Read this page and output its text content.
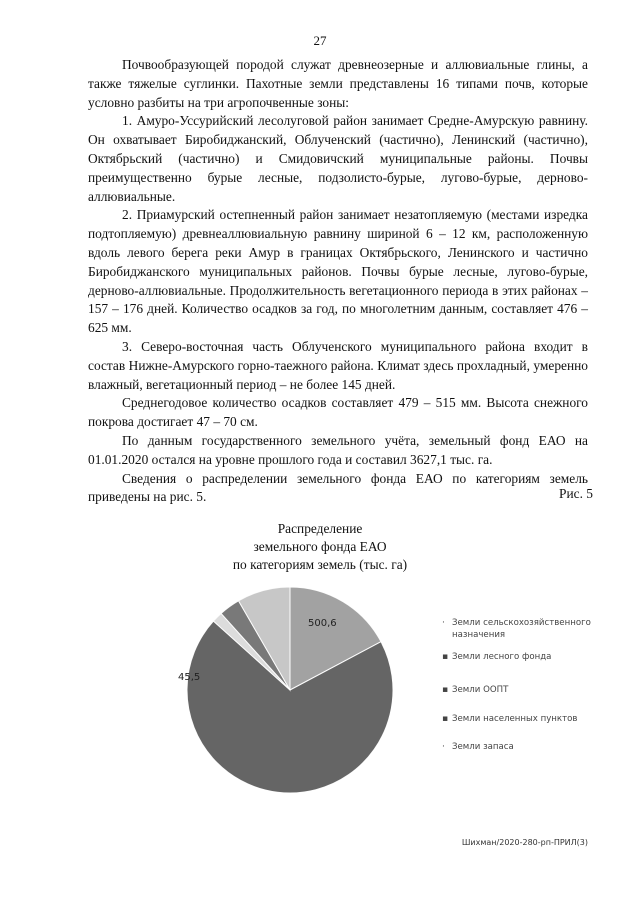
27

Почвообразующей породой служат древнеозерные и аллювиальные глины, а также тяжелые суглинки. Пахотные земли представлены 16 типами почв, которые условно разбиты на три агропочвенные зоны:

1. Амуро-Уссурийский лесолуговой район занимает Средне-Амурскую равнину. Он охватывает Биробиджанский, Облученский (частично), Ленинский (частично), Октябрьский (частично) и Смидовичский муниципальные районы. Почвы преимущественно бурые лесные, подзолисто-бурые, лугово-бурые, дерново-аллювиальные.

2. Приамурский остепненный район занимает незатопляемую (местами изредка подтопляемую) древнеаллювиальную равнину шириной 6 – 12 км, расположенную вдоль левого берега реки Амур в границах Октябрьского, Ленинского и частично Биробиджанского муниципальных районов. Почвы бурые лесные, лугово-бурые, дерново-аллювиальные. Продолжительность вегетационного периода в этих районах – 157 – 176 дней. Количество осадков за год, по многолетним данным, составляет 476 – 625 мм.

3. Северо-восточная часть Облученского муниципального района входит в состав Нижне-Амурского горно-таежного района. Климат здесь прохладный, умеренно влажный, вегетационный период – не более 145 дней.

Среднегодовое количество осадков составляет 479 – 515 мм. Высота снежного покрова достигает 47 – 70 см.

По данным государственного земельного учёта, земельный фонд ЕАО на 01.01.2020 остался на уровне прошлого года и составил 3627,1 тыс. га.

Сведения о распределении земельного фонда ЕАО по категориям земель приведены на рис. 5.	Рис. 5
Распределение
земельного фонда ЕАО
по категориям земель (тыс. га)
500,6
45,5
· Земли сельскохозяйственного назначения
▪ Земли лесного фонда
▪ Земли ООПТ
▪ Земли населенных пунктов
· Земли запаса
Шихман/2020-280-рп-ПРИЛ(3)
